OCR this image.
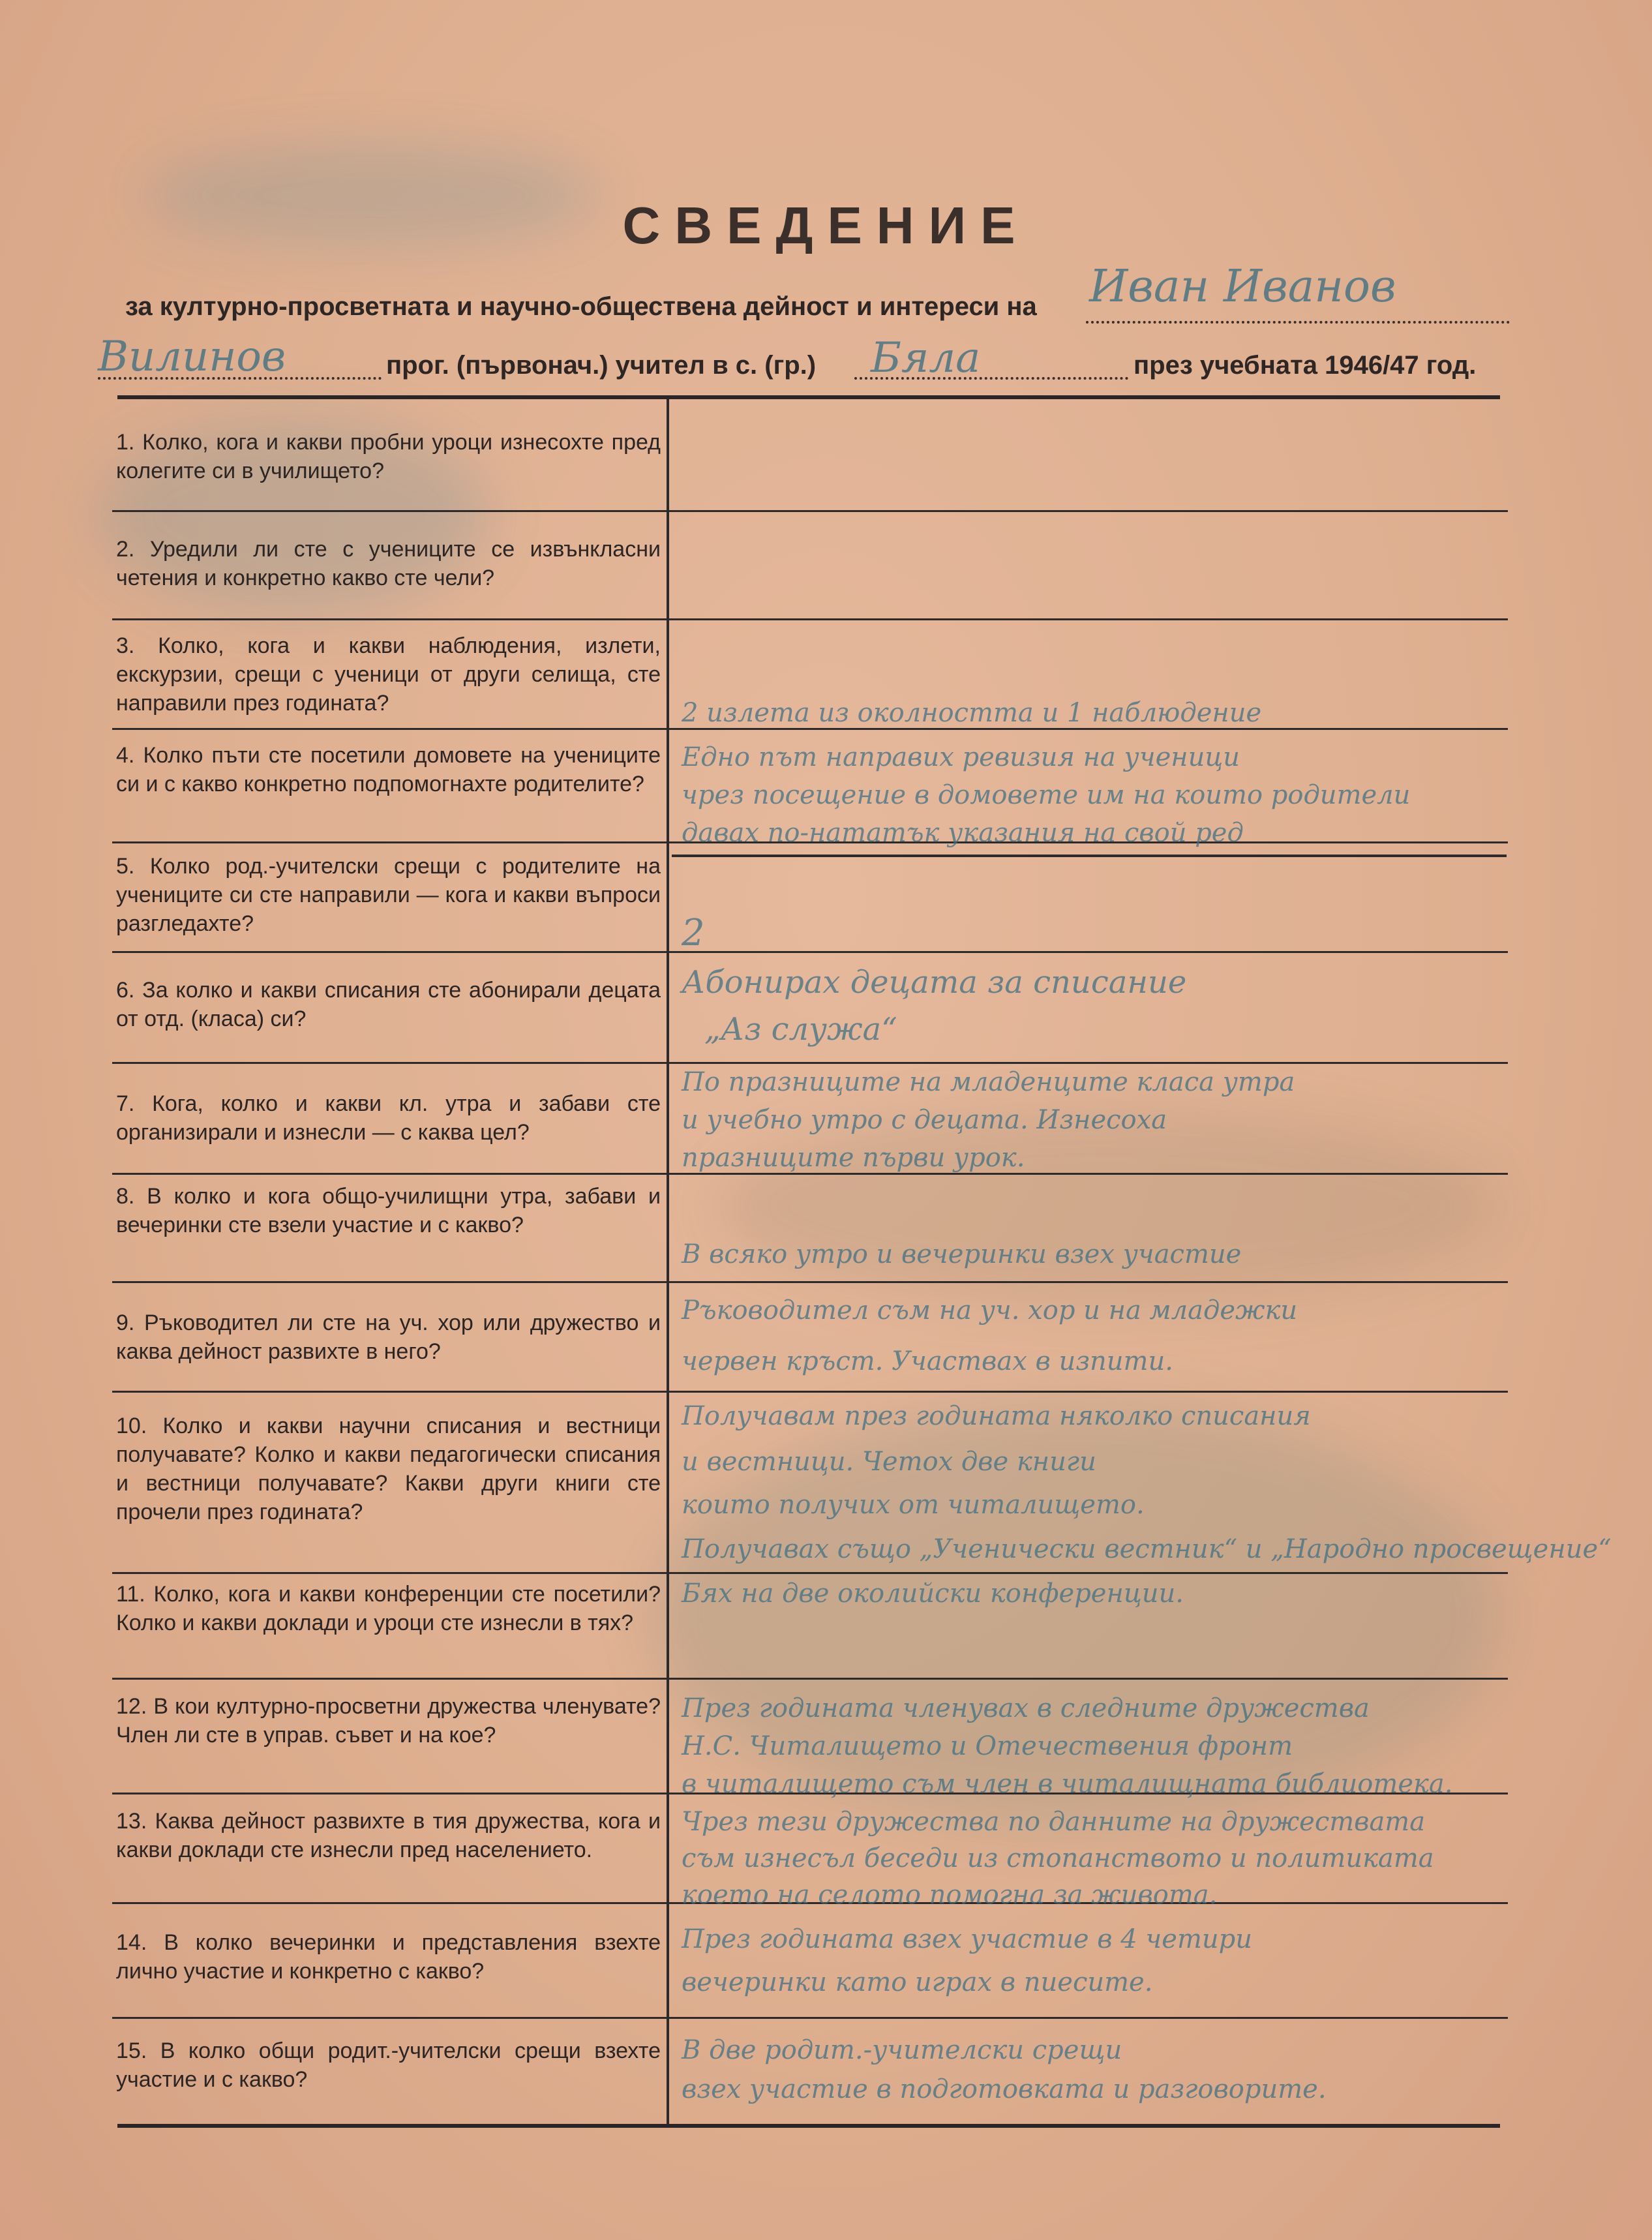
СВЕДЕНИЕ
за културно-просветната и научно-обществена дейност и интереси на Иван Иванов
Вилинов	прог. (първонач.) учител в с. (гр.) Бяла	през учебната 1946/47 год.
1. Колко, кога и какви пробни уроци изнесохте пред колегите си в училището?
2. Уредили ли сте с учениците се извънкласни четения и конкретно какво сте чели?
3. Колко, кога и какви наблюдения, излети, екскурзии, срещи с ученици от други селища, сте направили през годината?
4. Колко пъти сте посетили домовете на учениците си и с какво конкретно подпомогнахте родителите?
5. Колко род.-учителски срещи с родителите на учениците си сте направили — кога и какви въпроси разгледахте?
6. За колко и какви списания сте абонирали децата от отд. (класа) си?
7. Кога, колко и какви кл. утра и забави сте организирали и изнесли — с каква цел?
8. В колко и кога общо-училищни утра, забави и вечеринки сте взели участие и с какво?
9. Ръководител ли сте на уч. хор или дружество и каква дейност развихте в него?
10. Колко и какви научни списания и вестници получавате? Колко и какви педагогически списания и вестници получавате? Какви други книги сте прочели през годината?
11. Колко, кога и какви конференции сте посетили? Колко и какви доклади и уроци сте изнесли в тях?
12. В кои културно-просветни дружества членувате? Член ли сте в управ. съвет и на кое?
13. Каква дейност развихте в тия дружества, кога и какви доклади сте изнесли пред населението.
14. В колко вечеринки и представления взехте лично участие и конкретно с какво?
15. В колко общи родит.-учителски срещи взехте участие и с какво?
2 излета из околността и 1 наблюдение
Едно път направих ревизия на ученици
чрез посещение в домовете им на които родители
давах по-нататък указания на свой ред
2
Абонирах децата за списание
„Аз служа“
По празниците на младенците класа утра
и учебно утро с децата. Изнесоха
празниците първи урок.
В всяко утро и вечеринки взех участие
Ръководител съм на уч. хор и на младежки
червен кръст. Участвах в изпити.
Получавам през годината няколко списания
и вестници. Четох две книги
които получих от читалището.
Получавах също „Ученически вестник“ и „Народно просвещение“
Бях на две околийски конференции.
През годината членувах в следните дружества
Н.С. Читалището и Отечествения фронт
в читалището съм член в читалищната библиотека.
Чрез тези дружества по данните на дружествата
съм изнесъл беседи из стопанството и политиката
което на селото помогна за живота.
През годината взех участие в 4 четири
вечеринки като играх в пиесите.
В две родит.-учителски срещи
взех участие в подготовката и разговорите.
